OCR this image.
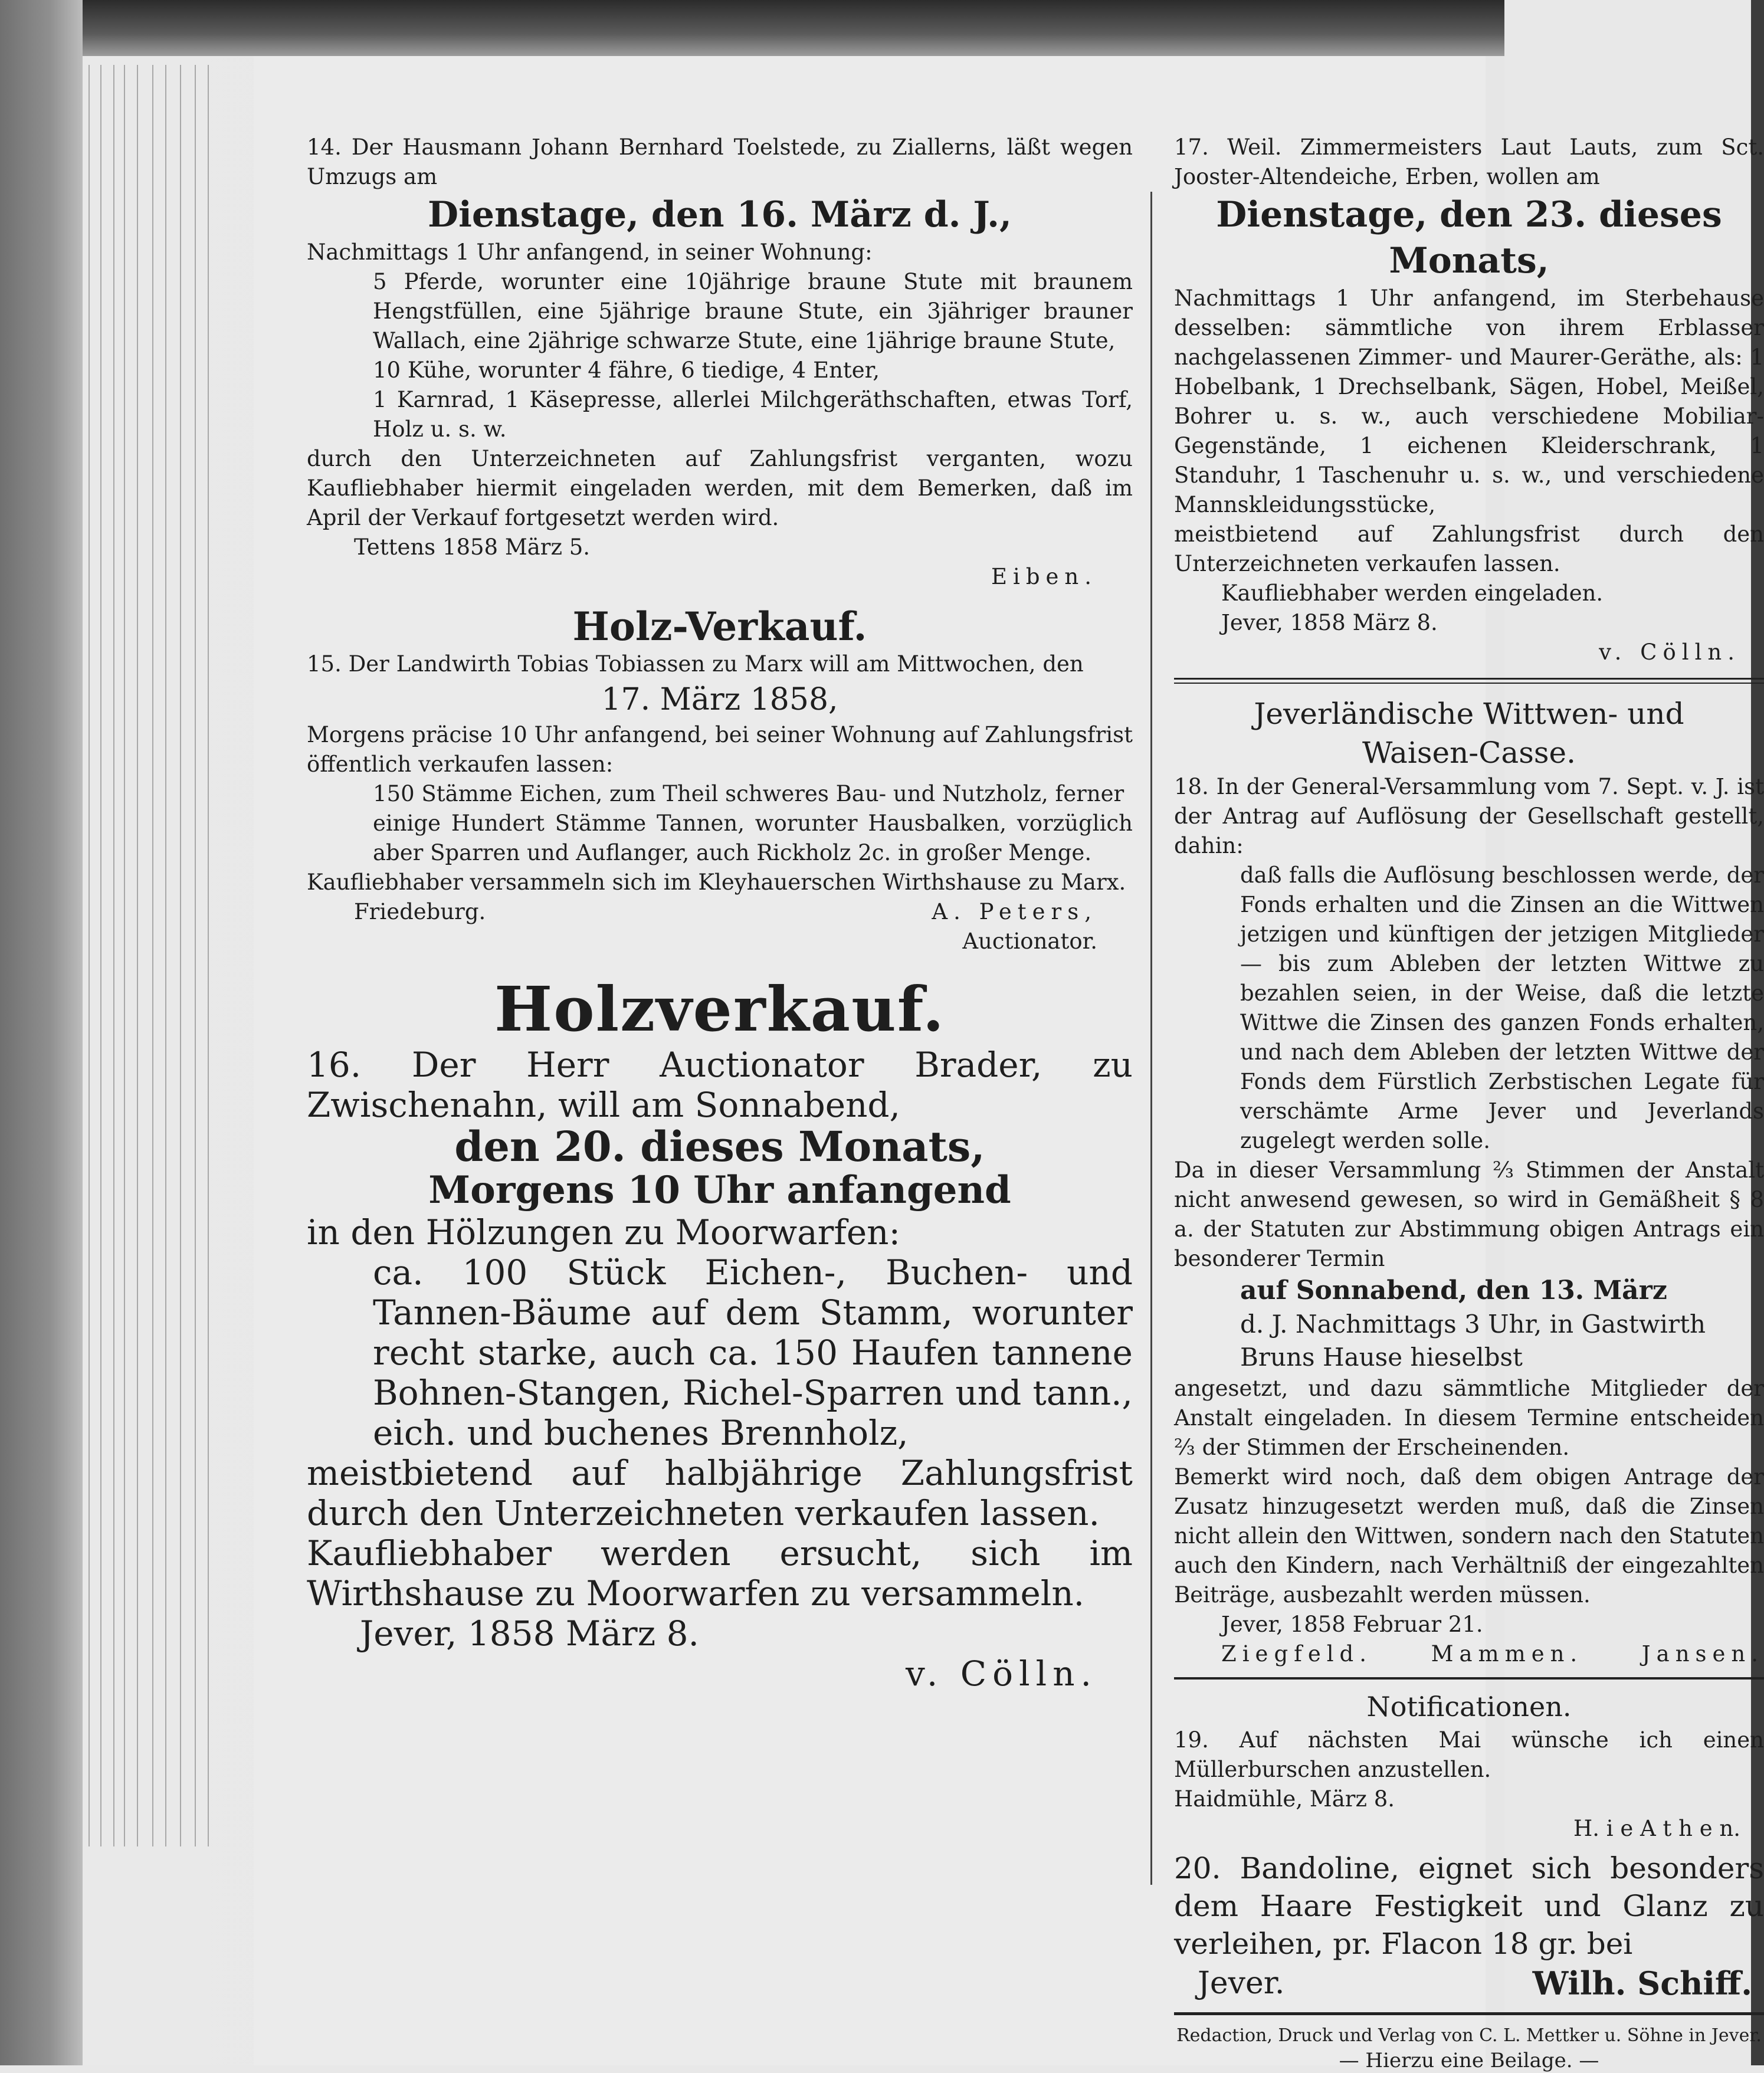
14. Der Hausmann Johann Bernhard Toelstede, zu Ziallerns, läßt wegen Umzugs am

Dienstage, den 16. März d. J.,

Nachmittags 1 Uhr anfangend, in seiner Wohnung:

5 Pferde, worunter eine 10jährige braune Stute mit braunem Hengstfüllen, eine 5jährige braune Stute, ein 3jähriger brauner Wallach, eine 2jährige schwarze Stute, eine 1jährige braune Stute,

10 Kühe, worunter 4 fähre, 6 tiedige, 4 Enter,

1 Karnrad, 1 Käsepresse, allerlei Milchgeräthschaften, etwas Torf, Holz u. s. w.

durch den Unterzeichneten auf Zahlungsfrist verganten, wozu Kaufliebhaber hiermit eingeladen werden, mit dem Bemerken, daß im April der Verkauf fortgesetzt werden wird.

Tettens 1858 März 5.

Eiben.

Holz-Verkauf.

15. Der Landwirth Tobias Tobiassen zu Marx will am Mittwochen, den

17. März 1858,

Morgens präcise 10 Uhr anfangend, bei seiner Wohnung auf Zahlungsfrist öffentlich verkaufen lassen:

150 Stämme Eichen, zum Theil schweres Bau- und Nutzholz, ferner

einige Hundert Stämme Tannen, worunter Hausbalken, vorzüglich aber Sparren und Auflanger, auch Rickholz 2c. in großer Menge.

Kaufliebhaber versammeln sich im Kleyhauerschen Wirthshause zu Marx.

Friedeburg.	A. Peters,

Auctionator.

Holzverkauf.

16. Der Herr Auctionator Brader, zu Zwischenahn, will am Sonnabend,

den 20. dieses Monats,

Morgens 10 Uhr anfangend

in den Hölzungen zu Moorwarfen:

ca. 100 Stück Eichen-, Buchen- und Tannen-Bäume auf dem Stamm, worunter recht starke, auch ca. 150 Haufen tannene Bohnen-Stangen, Richel-Sparren und tann., eich. und buchenes Brennholz,

meistbietend auf halbjährige Zahlungsfrist durch den Unterzeichneten verkaufen lassen.

Kaufliebhaber werden ersucht, sich im Wirthshause zu Moorwarfen zu versammeln.

Jever, 1858 März 8.

v. Cölln.

17. Weil. Zimmermeisters Laut Lauts, zum Sct. Jooster-Altendeiche, Erben, wollen am

Dienstage, den 23. dieses Monats,

Nachmittags 1 Uhr anfangend, im Sterbehause desselben: sämmtliche von ihrem Erblasser nachgelassenen Zimmer- und Maurer-Geräthe, als: 1 Hobelbank, 1 Drechselbank, Sägen, Hobel, Meißel, Bohrer u. s. w., auch verschiedene Mobiliar-Gegenstände, 1 eichenen Kleiderschrank, 1 Standuhr, 1 Taschenuhr u. s. w., und verschiedene Mannskleidungsstücke,

meistbietend auf Zahlungsfrist durch den Unterzeichneten verkaufen lassen.

Kaufliebhaber werden eingeladen.

Jever, 1858 März 8.

v. Cölln.

Jeverländische Wittwen- und

Waisen-Casse.

18. In der General-Versammlung vom 7. Sept. v. J. ist der Antrag auf Auflösung der Gesellschaft gestellt, dahin:

daß falls die Auflösung beschlossen werde, der Fonds erhalten und die Zinsen an die Wittwen jetzigen und künftigen der jetzigen Mitglieder — bis zum Ableben der letzten Wittwe zu bezahlen seien, in der Weise, daß die letzte Wittwe die Zinsen des ganzen Fonds erhalten, und nach dem Ableben der letzten Wittwe der Fonds dem Fürstlich Zerbstischen Legate für verschämte Arme Jever und Jeverlands zugelegt werden solle.

Da in dieser Versammlung ⅔ Stimmen der Anstalt nicht anwesend gewesen, so wird in Gemäßheit § 8 a. der Statuten zur Abstimmung obigen Antrags ein besonderer Termin

auf Sonnabend, den 13. März

d. J. Nachmittags 3 Uhr, in Gastwirth

Bruns Hause hieselbst

angesetzt, und dazu sämmtliche Mitglieder der Anstalt eingeladen. In diesem Termine entscheiden ⅔ der Stimmen der Erscheinenden.

Bemerkt wird noch, daß dem obigen Antrage der Zusatz hinzugesetzt werden muß, daß die Zinsen nicht allein den Wittwen, sondern nach den Statuten auch den Kindern, nach Verhältniß der eingezahlten Beiträge, ausbezahlt werden müssen.

Jever, 1858 Februar 21.

Ziegfeld.	Mammen.	Jansen.

Notificationen.

19. Auf nächsten Mai wünsche ich einen Müllerburschen anzustellen.

Haidmühle, März 8.

H. i e A t h e n.

20. Bandoline, eignet sich besonders dem Haare Festigkeit und Glanz zu verleihen, pr. Flacon 18 gr. bei

Jever.	Wilh. Schiff.

Redaction, Druck und Verlag von C. L. Mettker u. Söhne in Jever.

— Hierzu eine Beilage. —
